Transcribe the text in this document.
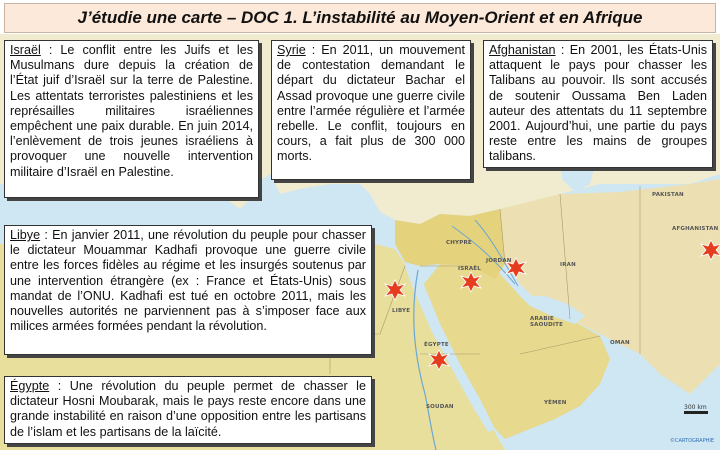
J’étudie une carte – DOC 1. L’instabilité au Moyen-Orient et en Afrique
AFGHANISTAN
PAKISTAN
IRAN
ISRAËL
JORDAN
ARABIE
SAOUDITE
LIBYE
ÉGYPTE
SOUDAN
YÉMEN
OMAN
CHYPRE
300 km
©CARTOGRAPHIE
Israël : Le conflit entre les Juifs et les Musulmans dure depuis la création de l’État juif d’Israël sur la terre de Palestine. Les attentats terroristes palestiniens et les représailles militaires israéliennes empêchent une paix durable. En juin 2014, l’enlèvement de trois jeunes israéliens à provoquer une nouvelle intervention militaire d’Israël en Palestine.
Syrie : En 2011, un mouvement de contestation demandant le départ du dictateur Bachar el Assad provoque une guerre civile entre l’armée régulière et l’armée rebelle. Le conflit, toujours en cours, a fait plus de 300 000 morts.
Afghanistan : En 2001, les États-Unis attaquent le pays pour chasser les Talibans au pouvoir. Ils sont accusés de soutenir Oussama Ben Laden auteur des attentats du 11 septembre 2001. Aujourd’hui, une partie du pays reste entre les mains de groupes talibans.
Libye : En janvier 2011, une révolution du peuple pour chasser le dictateur Mouammar Kadhafi provoque une guerre civile entre les forces fidèles au régime et les insurgés soutenus par une intervention étrangère (ex : France et États-Unis) sous mandat de l’ONU. Kadhafi est tué en octobre 2011, mais les nouvelles autorités ne parviennent pas à s’imposer face aux milices armées formées pendant la révolution.
Égypte : Une révolution du peuple permet de chasser le dictateur Hosni Moubarak, mais le pays reste encore dans une grande instabilité en raison d’une opposition entre les partisans de l’islam et les partisans de la laïcité.
